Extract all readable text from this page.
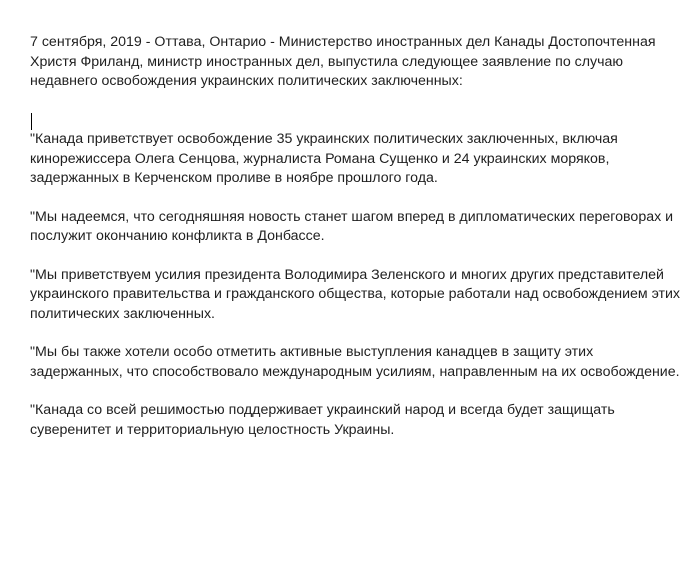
7 сентября, 2019 - Оттава, Онтарио - Министерство иностранных дел Канады Достопочтенная
Христя Фриланд, министр иностранных дел, выпустила следующее заявление по случаю
недавнего освобождения украинских политических заключенных:

"Канада приветствует освобождение 35 украинских политических заключенных, включая
кинорежиссера Олега Сенцова, журналиста Романа Сущенко и 24 украинских моряков,
задержанных в Керченском проливе в ноябре прошлого года.

"Мы надеемся, что сегодняшняя новость станет шагом вперед в дипломатических переговорах и
послужит окончанию конфликта в Донбассе.

"Мы приветствуем усилия президента Володимира Зеленского и многих других представителей
украинского правительства и гражданского общества, которые работали над освобождением этих
политических заключенных.

"Мы бы также хотели особо отметить активные выступления канадцев в защиту этих
задержанных, что способствовало международным усилиям, направленным на их освобождение.

"Канада со всей решимостью поддерживает украинский народ и всегда будет защищать
суверенитет и территориальную целостность Украины.
